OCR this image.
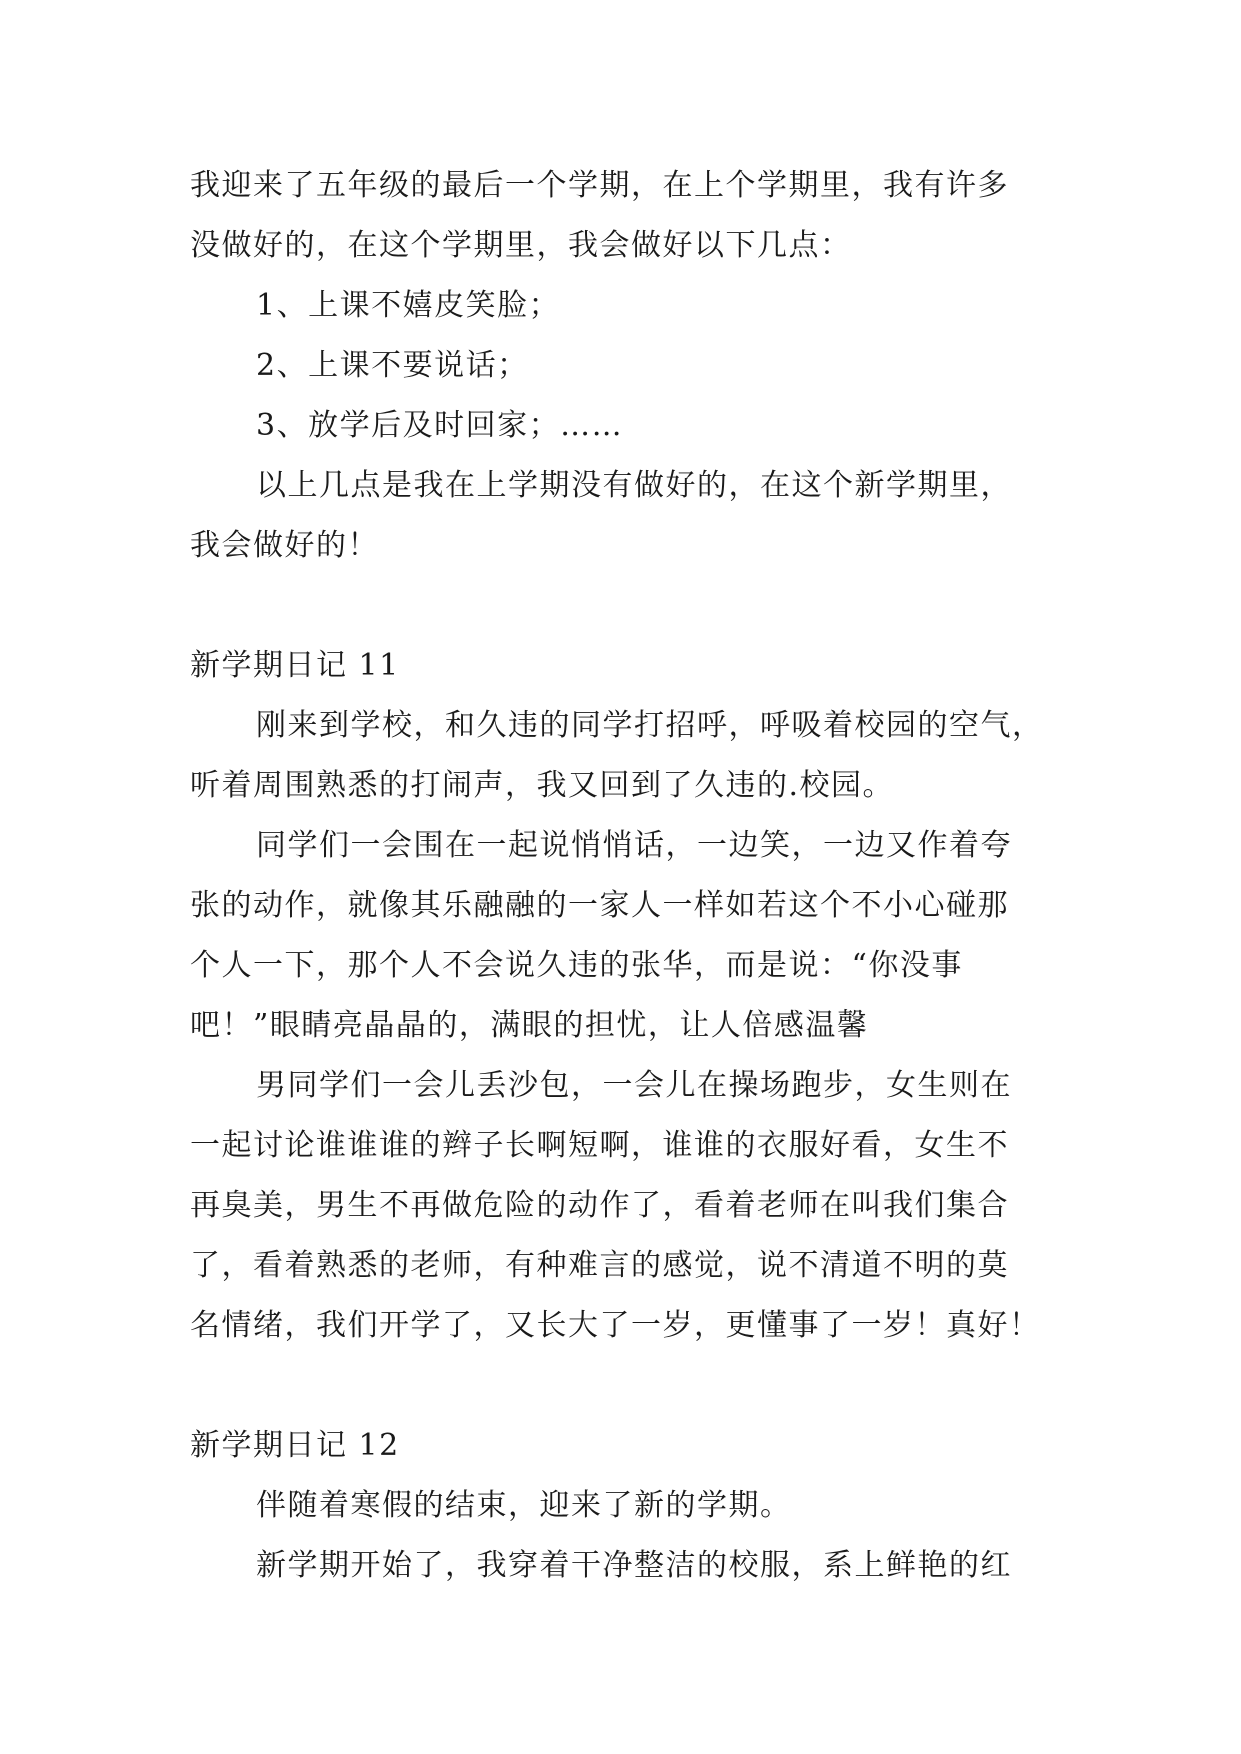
我迎来了五年级的最后一个学期，在上个学期里，我有许多
没做好的，在这个学期里，我会做好以下几点：
1、上课不嬉皮笑脸；
2、上课不要说话；
3、放学后及时回家；……
以上几点是我在上学期没有做好的，在这个新学期里，
我会做好的！
新学期日记 11
刚来到学校，和久违的同学打招呼，呼吸着校园的空气，
听着周围熟悉的打闹声，我又回到了久违的.校园。
同学们一会围在一起说悄悄话，一边笑，一边又作着夸
张的动作，就像其乐融融的一家人一样如若这个不小心碰那
个人一下，那个人不会说久违的张华，而是说：“你没事
吧！”眼睛亮晶晶的，满眼的担忧，让人倍感温馨
男同学们一会儿丢沙包，一会儿在操场跑步，女生则在
一起讨论谁谁谁的辫子长啊短啊，谁谁的衣服好看，女生不
再臭美，男生不再做危险的动作了，看着老师在叫我们集合
了，看着熟悉的老师，有种难言的感觉，说不清道不明的莫
名情绪，我们开学了，又长大了一岁，更懂事了一岁！真好！
新学期日记 12
伴随着寒假的结束，迎来了新的学期。
新学期开始了，我穿着干净整洁的校服，系上鲜艳的红
